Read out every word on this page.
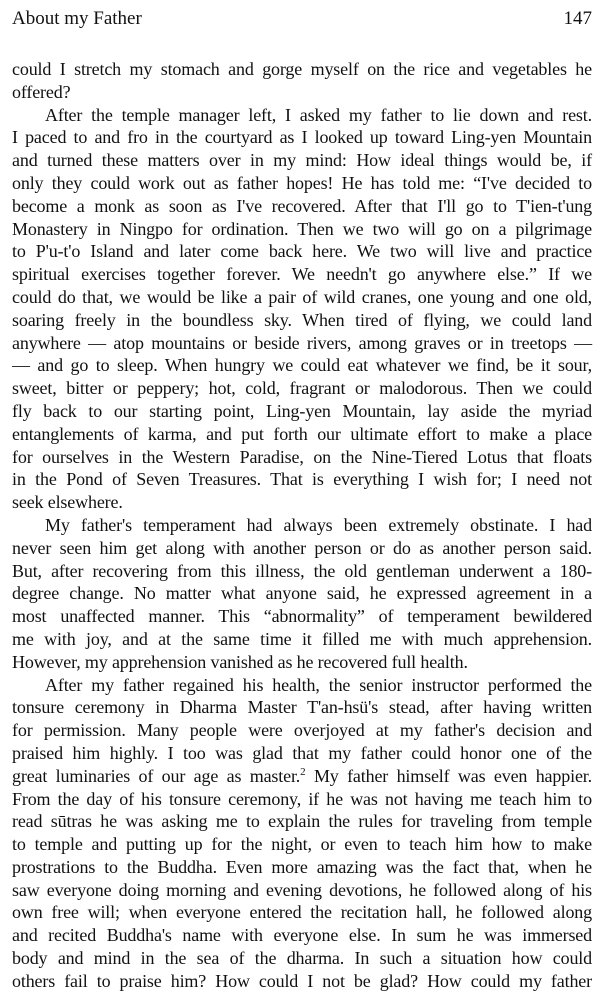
About my Father	147
could I stretch my stomach and gorge myself on the rice and vegetables he
offered?
After the temple manager left, I asked my father to lie down and rest.
I paced to and fro in the courtyard as I looked up toward Ling-yen Mountain
and turned these matters over in my mind: How ideal things would be, if
only they could work out as father hopes! He has told me: “I've decided to
become a monk as soon as I've recovered. After that I'll go to T'ien-t'ung
Monastery in Ningpo for ordination. Then we two will go on a pilgrimage
to P'u-t'o Island and later come back here. We two will live and practice
spiritual exercises together forever. We needn't go anywhere else.” If we
could do that, we would be like a pair of wild cranes, one young and one old,
soaring freely in the boundless sky. When tired of flying, we could land
anywhere — atop mountains or beside rivers, among graves or in treetops —
— and go to sleep. When hungry we could eat whatever we find, be it sour,
sweet, bitter or peppery; hot, cold, fragrant or malodorous. Then we could
fly back to our starting point, Ling-yen Mountain, lay aside the myriad
entanglements of karma, and put forth our ultimate effort to make a place
for ourselves in the Western Paradise, on the Nine-Tiered Lotus that floats
in the Pond of Seven Treasures. That is everything I wish for; I need not
seek elsewhere.
My father's temperament had always been extremely obstinate. I had
never seen him get along with another person or do as another person said.
But, after recovering from this illness, the old gentleman underwent a 180-
degree change. No matter what anyone said, he expressed agreement in a
most unaffected manner. This “abnormality” of temperament bewildered
me with joy, and at the same time it filled me with much apprehension.
However, my apprehension vanished as he recovered full health.
After my father regained his health, the senior instructor performed the
tonsure ceremony in Dharma Master T'an-hsü's stead, after having written
for permission. Many people were overjoyed at my father's decision and
praised him highly. I too was glad that my father could honor one of the
great luminaries of our age as master.$^2$ My father himself was even happier.
From the day of his tonsure ceremony, if he was not having me teach him to
read sūtras he was asking me to explain the rules for traveling from temple
to temple and putting up for the night, or even to teach him how to make
prostrations to the Buddha. Even more amazing was the fact that, when he
saw everyone doing morning and evening devotions, he followed along of his
own free will; when everyone entered the recitation hall, he followed along
and recited Buddha's name with everyone else. In sum he was immersed
body and mind in the sea of the dharma. In such a situation how could
others fail to praise him? How could I not be glad? How could my father
